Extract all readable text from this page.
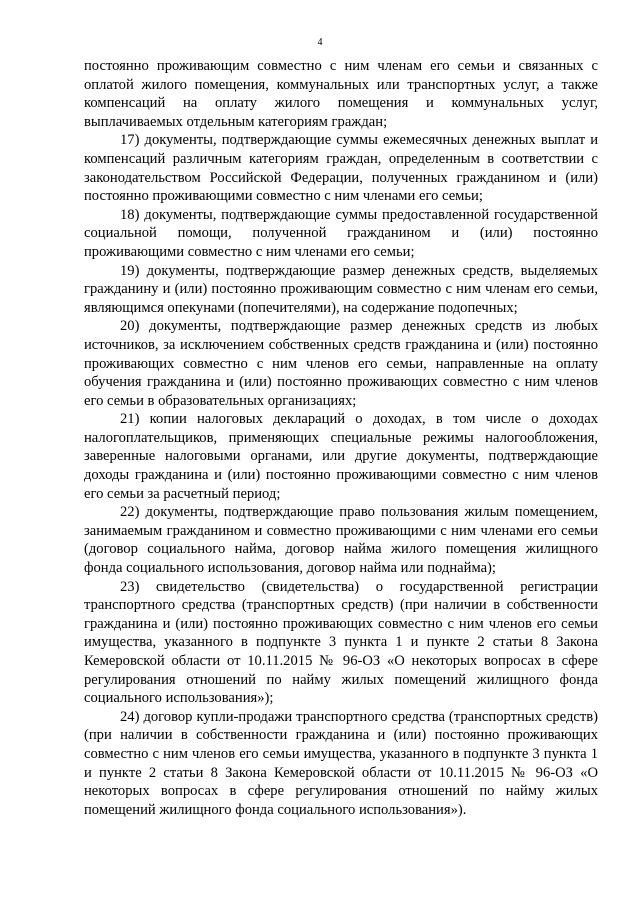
4

постоянно проживающим совместно с ним членам его семьи и связанных с оплатой жилого помещения, коммунальных или транспортных услуг, а также компенсаций на оплату жилого помещения и коммунальных услуг, выплачиваемых отдельным категориям граждан;

17) документы, подтверждающие суммы ежемесячных денежных выплат и компенсаций различным категориям граждан, определенным в соответствии с законодательством Российской Федерации, полученных гражданином и (или) постоянно проживающими совместно с ним членами его семьи;

18) документы, подтверждающие суммы предоставленной государственной социальной помощи, полученной гражданином и (или) постоянно проживающими совместно с ним членами его семьи;

19) документы, подтверждающие размер денежных средств, выделяемых гражданину и (или) постоянно проживающим совместно с ним членам его семьи, являющимся опекунами (попечителями), на содержание подопечных;

20) документы, подтверждающие размер денежных средств из любых источников, за исключением собственных средств гражданина и (или) постоянно проживающих совместно с ним членов его семьи, направленные на оплату обучения гражданина и (или) постоянно проживающих совместно с ним членов его семьи в образовательных организациях;

21) копии налоговых деклараций о доходах, в том числе о доходах налогоплательщиков, применяющих специальные режимы налогообложения, заверенные налоговыми органами, или другие документы, подтверждающие доходы гражданина и (или) постоянно проживающими совместно с ним членов его семьи за расчетный период;

22) документы, подтверждающие право пользования жилым помещением, занимаемым гражданином и совместно проживающими с ним членами его семьи (договор социального найма, договор найма жилого помещения жилищного фонда социального использования, договор найма или поднайма);

23) свидетельство (свидетельства) о государственной регистрации транспортного средства (транспортных средств) (при наличии в собственности гражданина и (или) постоянно проживающих совместно с ним членов его семьи имущества, указанного в подпункте 3 пункта 1 и пункте 2 статьи 8 Закона Кемеровской области от 10.11.2015 № 96-ОЗ «О некоторых вопросах в сфере регулирования отношений по найму жилых помещений жилищного фонда социального использования»);

24) договор купли-продажи транспортного средства (транспортных средств) (при наличии в собственности гражданина и (или) постоянно проживающих совместно с ним членов его семьи имущества, указанного в подпункте 3 пункта 1 и пункте 2 статьи 8 Закона Кемеровской области от 10.11.2015 № 96-ОЗ «О некоторых вопросах в сфере регулирования отношений по найму жилых помещений жилищного фонда социального использования»).
